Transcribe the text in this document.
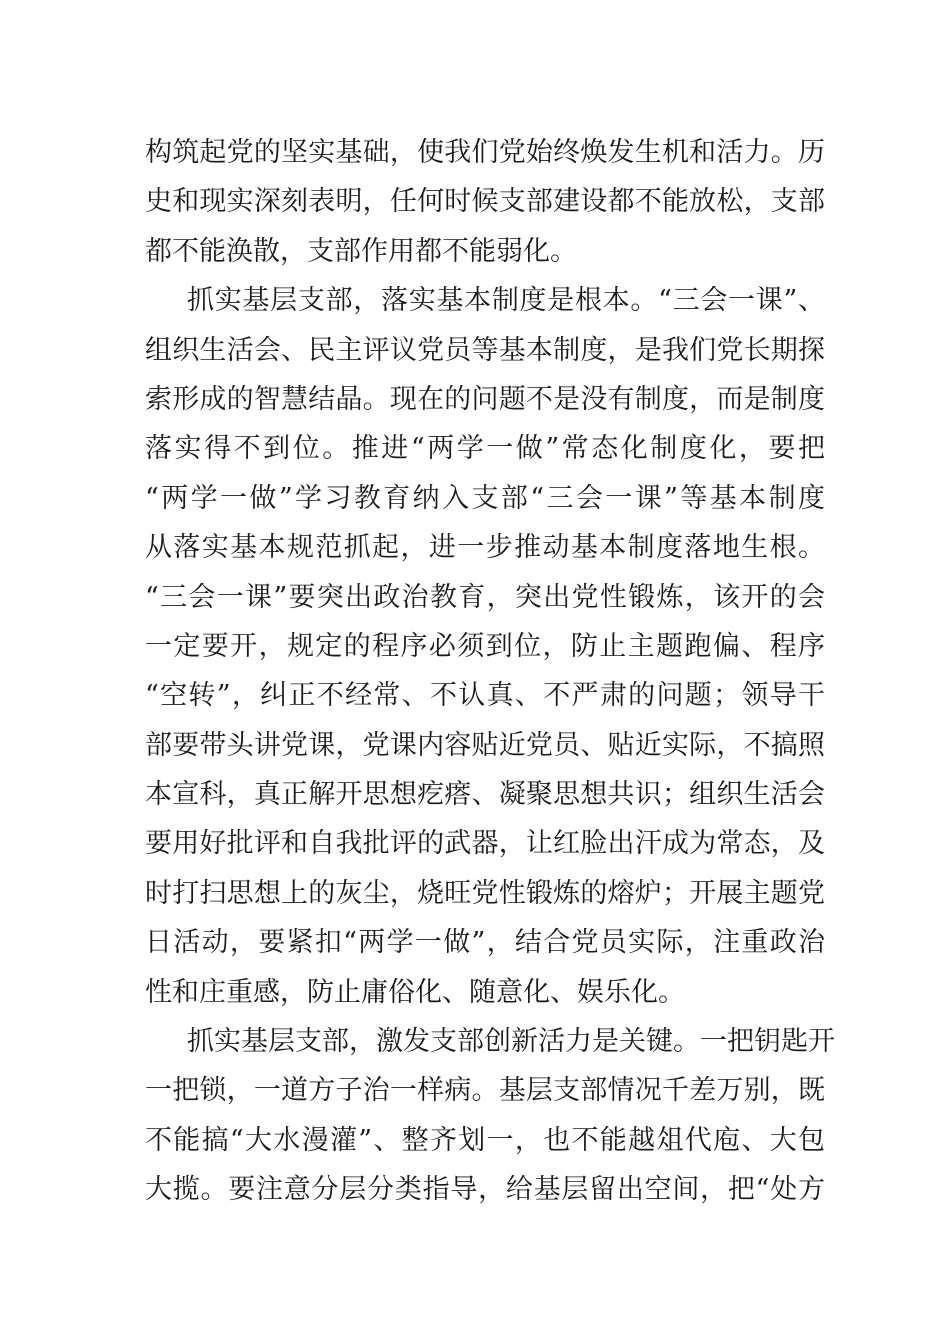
构筑起党的坚实基础，使我们党始终焕发生机和活力。历
史和现实深刻表明，任何时候支部建设都不能放松，支部
都不能涣散，支部作用都不能弱化。
抓实基层支部，落实基本制度是根本。“三会一课”、
组织生活会、民主评议党员等基本制度，是我们党长期探
索形成的智慧结晶。现在的问题不是没有制度，而是制度
落实得不到位。推进“两学一做”常态化制度化，要把
“两学一做”学习教育纳入支部“三会一课”等基本制度
从落实基本规范抓起，进一步推动基本制度落地生根。
“三会一课”要突出政治教育，突出党性锻炼，该开的会
一定要开，规定的程序必须到位，防止主题跑偏、程序
“空转”，纠正不经常、不认真、不严肃的问题；领导干
部要带头讲党课，党课内容贴近党员、贴近实际，不搞照
本宣科，真正解开思想疙瘩、凝聚思想共识；组织生活会
要用好批评和自我批评的武器，让红脸出汗成为常态，及
时打扫思想上的灰尘，烧旺党性锻炼的熔炉；开展主题党
日活动，要紧扣“两学一做”，结合党员实际，注重政治
性和庄重感，防止庸俗化、随意化、娱乐化。
抓实基层支部，激发支部创新活力是关键。一把钥匙开
一把锁，一道方子治一样病。基层支部情况千差万别，既
不能搞“大水漫灌”、整齐划一，也不能越俎代庖、大包
大揽。要注意分层分类指导，给基层留出空间，把“处方
